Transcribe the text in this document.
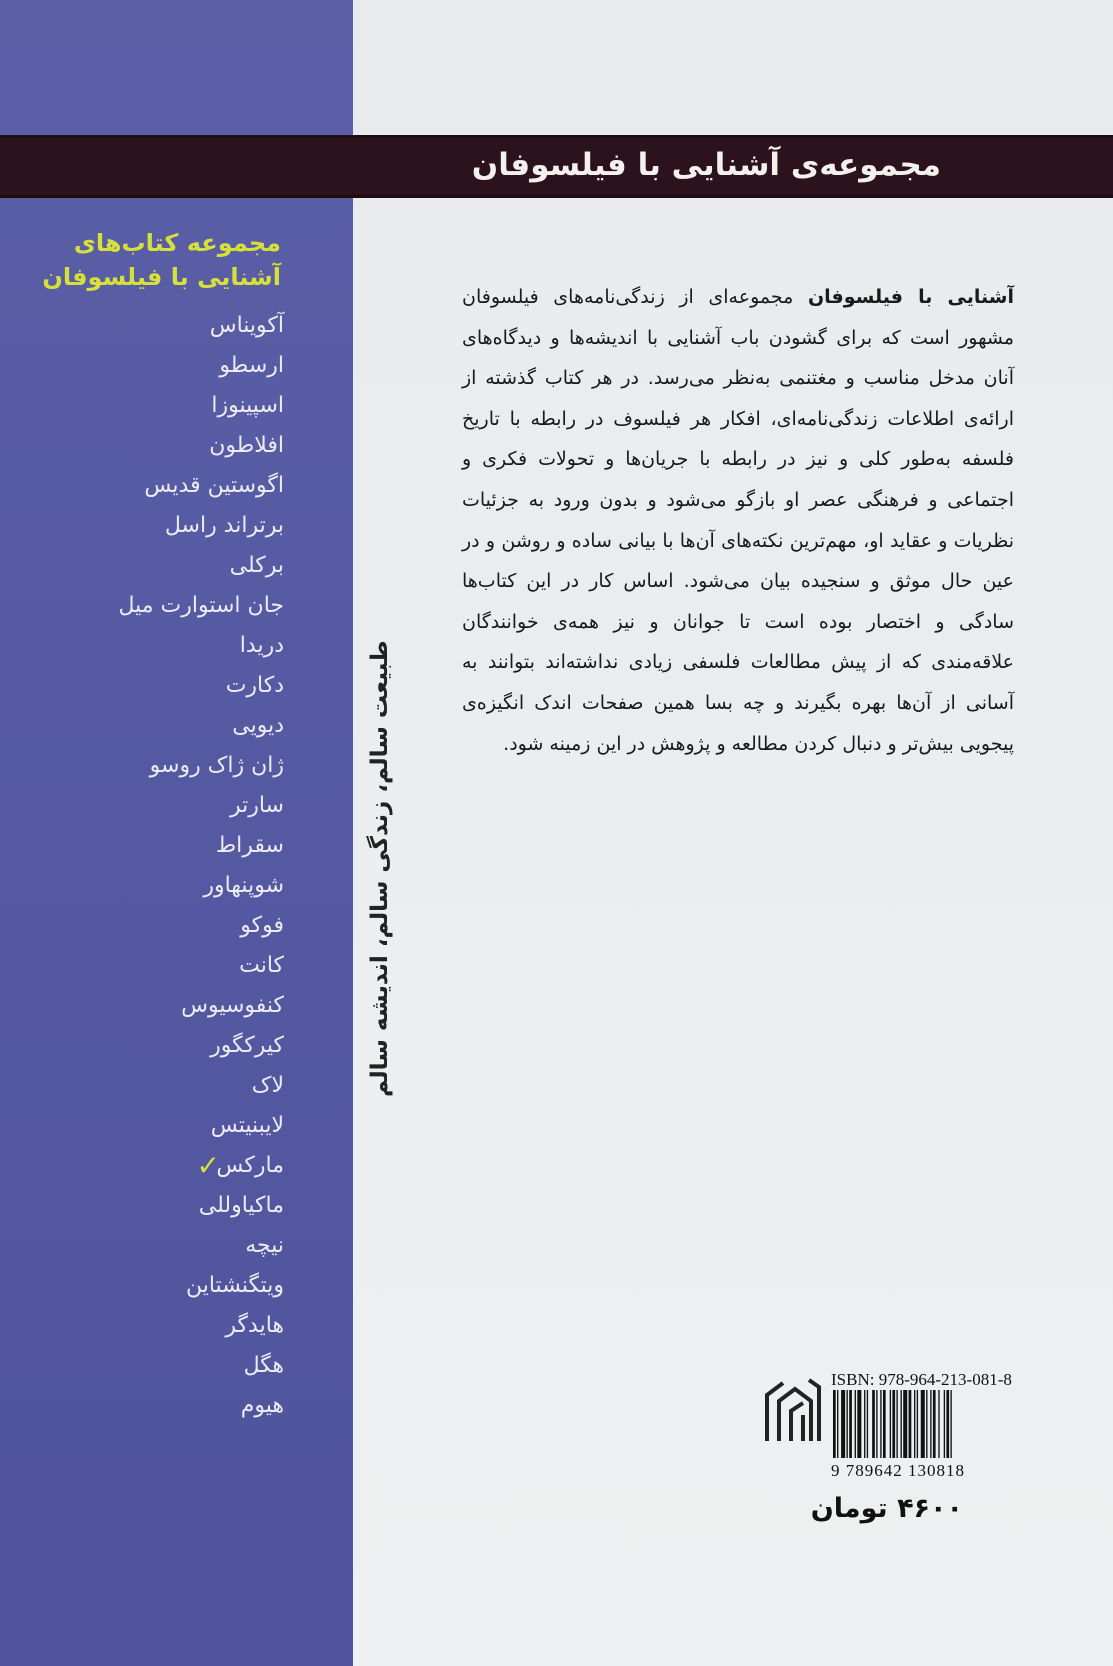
مجموعه‌ی آشنایی با فیلسوفان
مجموعه کتاب‌های
آشنایی با فیلسوفان
آکویناس
ارسطو
اسپینوزا
افلاطون
اگوستین قدیس
برتراند راسل
برکلی
جان استوارت میل
دریدا
دکارت
دیویی
ژان ژاک روسو
سارتر
سقراط
شوپنهاور
فوکو
کانت
کنفوسیوس
کیرکگور
لاک
لایبنیتس
مارکس
✓
ماکیاوللی
نیچه
ویتگنشتاین
هایدگر
هگل
هیوم
طبیعت سالم، زندگی سالم، اندیشه سالم

آشنایی با فیلسوفان مجموعه‌ای از زندگی‌نامه‌های فیلسوفان مشهور است که برای گشودن باب آشنایی با اندیشه‌ها و دیدگاه‌های آنان مدخل مناسب و مغتنمی به‌نظر می‌رسد. در هر کتاب گذشته از ارائه‌ی اطلاعات زندگی‌نامه‌ای، افکار هر فیلسوف در رابطه با تاریخ فلسفه به‌طور کلی و نیز در رابطه با جریان‌ها و تحولات فکری و اجتماعی و فرهنگی عصر او بازگو می‌شود و بدون ورود به جزئیات نظریات و عقاید او، مهم‌ترین نکته‌های آن‌ها با بیانی ساده و روشن و در عین حال موثق و سنجیده بیان می‌شود. اساس کار در این کتاب‌ها سادگی و اختصار بوده است تا جوانان و نیز همه‌ی خوانندگان علاقه‌مندی که از پیش مطالعات فلسفی زیادی نداشته‌اند بتوانند به آسانی از آن‌ها بهره بگیرند و چه بسا همین صفحات اندک انگیزه‌ی پیجویی بیش‌تر و دنبال کردن مطالعه و پژوهش در این زمینه شود.

ISBN: 978-964-213-081-8
9 789642 130818
۴۶۰۰ تومان
